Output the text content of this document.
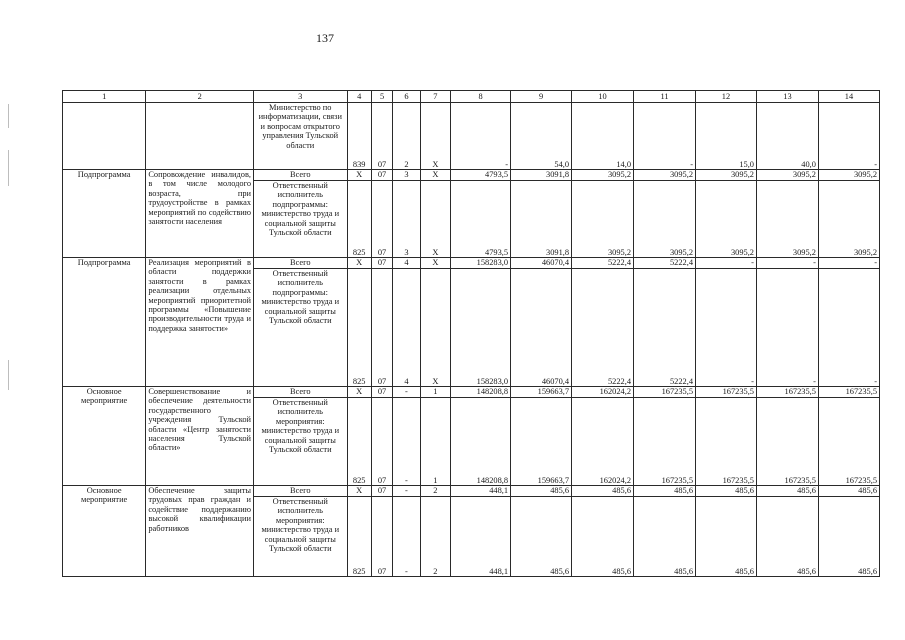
137
1	2	3	4	5	6	7	8	9	10	11	12	13	14
		Министерство по информатизации, связи и вопросам открытого управления Тульской области	839	07	2	Х	-	54,0	14,0	-	15,0	40,0	-
Подпрограмма	Сопровождение инвалидов, в том числе молодого возраста, при трудоустройстве в рамках мероприятий по содействию занятости населения	Всего	Х	07	3	Х	4793,5	3091,8	3095,2	3095,2	3095,2	3095,2	3095,2
		Ответственный исполнитель подпрограммы: министерство труда и социальной защиты Тульской области	825	07	3	Х	4793,5	3091,8	3095,2	3095,2	3095,2	3095,2	3095,2
Подпрограмма	Реализация мероприятий в области поддержки занятости в рамках реализации отдельных мероприятий приоритетной программы «Повышение производительности труда и поддержка занятости»	Всего	Х	07	4	Х	158283,0	46070,4	5222,4	5222,4	-	-	-
		Ответственный исполнитель подпрограммы: министерство труда и социальной защиты Тульской области	825	07	4	Х	158283,0	46070,4	5222,4	5222,4	-	-	-
Основное мероприятие	Совершенствование и обеспечение деятельности государственного учреждения Тульской области «Центр занятости населения Тульской области»	Всего	Х	07	-	1	148208,8	159663,7	162024,2	167235,5	167235,5	167235,5	167235,5
		Ответственный исполнитель мероприятия: министерство труда и социальной защиты Тульской области	825	07	-	1	148208,8	159663,7	162024,2	167235,5	167235,5	167235,5	167235,5
Основное мероприятие	Обеспечение защиты трудовых прав граждан и содействие поддержанию высокой квалификации работников	Всего	Х	07	-	2	448,1	485,6	485,6	485,6	485,6	485,6	485,6
		Ответственный исполнитель мероприятия: министерство труда и социальной защиты Тульской области	825	07	-	2	448,1	485,6	485,6	485,6	485,6	485,6	485,6
